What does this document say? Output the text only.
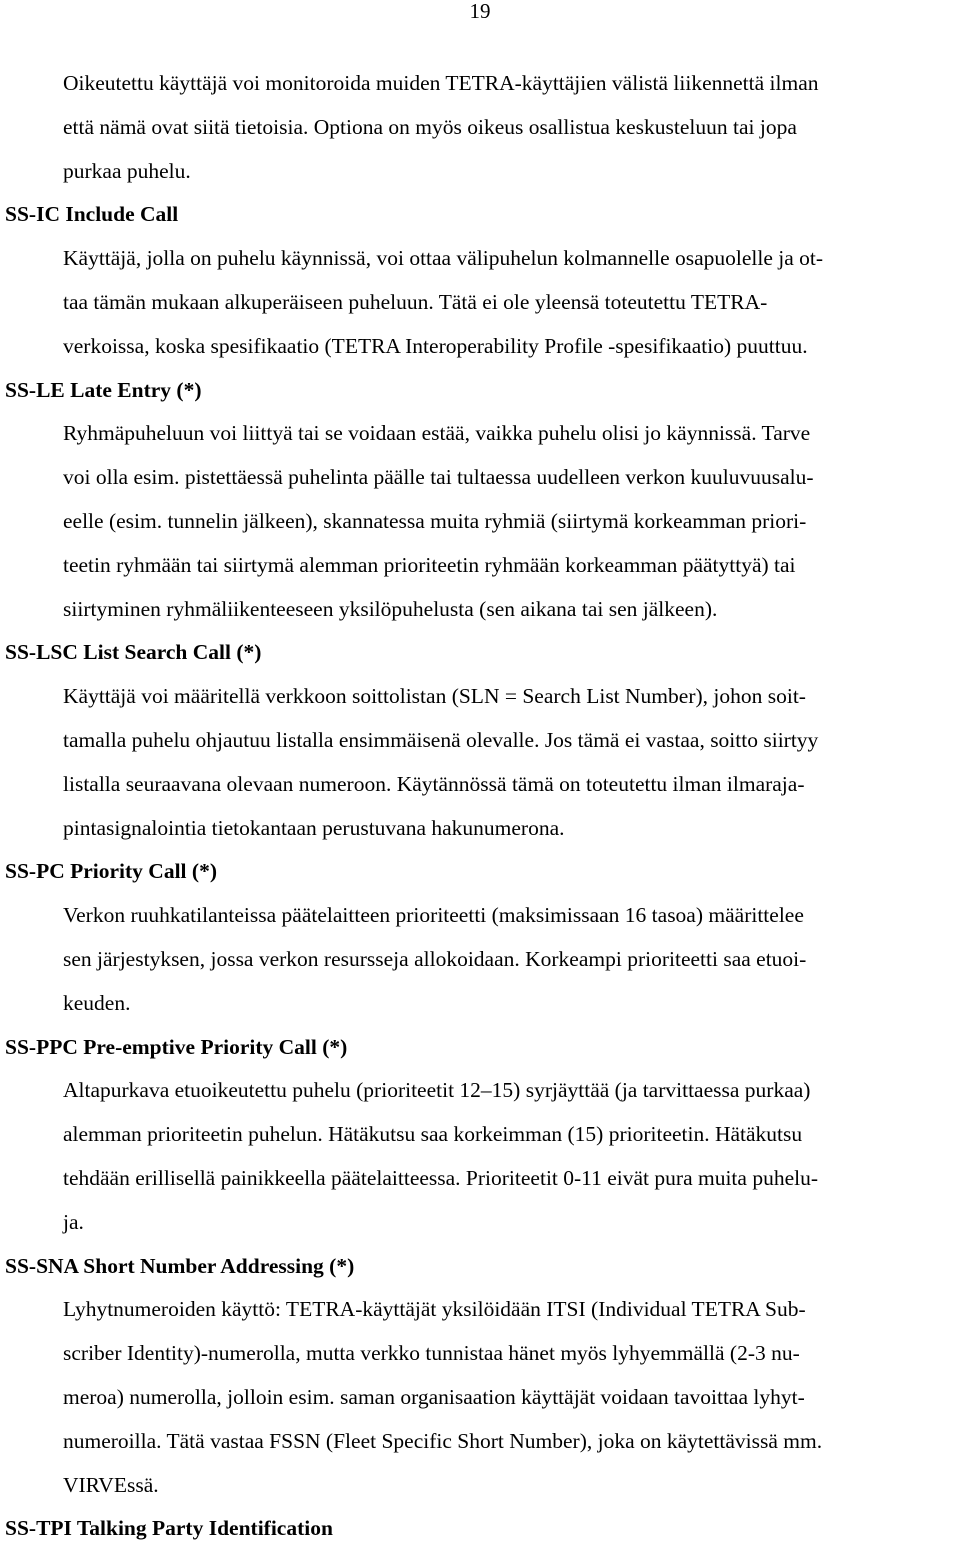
19
Oikeutettu käyttäjä voi monitoroida muiden TETRA-käyttäjien välistä liikennettä ilman
että nämä ovat siitä tietoisia. Optiona on myös oikeus osallistua keskusteluun tai jopa
purkaa puhelu.
SS-IC Include Call
Käyttäjä, jolla on puhelu käynnissä, voi ottaa välipuhelun kolmannelle osapuolelle ja ot-
taa tämän mukaan alkuperäiseen puheluun. Tätä ei ole yleensä toteutettu TETRA-
verkoissa, koska spesifikaatio (TETRA Interoperability Profile -spesifikaatio) puuttuu.
SS-LE Late Entry (*)
Ryhmäpuheluun voi liittyä tai se voidaan estää, vaikka puhelu olisi jo käynnissä. Tarve
voi olla esim. pistettäessä puhelinta päälle tai tultaessa uudelleen verkon kuuluvuusalu-
eelle (esim. tunnelin jälkeen), skannatessa muita ryhmiä (siirtymä korkeamman priori-
teetin ryhmään tai siirtymä alemman prioriteetin ryhmään korkeamman päätyttyä) tai
siirtyminen ryhmäliikenteeseen yksilöpuhelusta (sen aikana tai sen jälkeen).
SS-LSC List Search Call (*)
Käyttäjä voi määritellä verkkoon soittolistan (SLN = Search List Number), johon soit-
tamalla puhelu ohjautuu listalla ensimmäisenä olevalle. Jos tämä ei vastaa, soitto siirtyy
listalla seuraavana olevaan numeroon. Käytännössä tämä on toteutettu ilman ilmaraja-
pintasignalointia tietokantaan perustuvana hakunumerona.
SS-PC Priority Call (*)
Verkon ruuhkatilanteissa päätelaitteen prioriteetti (maksimissaan 16 tasoa) määrittelee
sen järjestyksen, jossa verkon resursseja allokoidaan. Korkeampi prioriteetti saa etuoi-
keuden.
SS-PPC Pre-emptive Priority Call (*)
Altapurkava etuoikeutettu puhelu (prioriteetit 12–15) syrjäyttää (ja tarvittaessa purkaa)
alemman prioriteetin puhelun. Hätäkutsu saa korkeimman (15) prioriteetin. Hätäkutsu
tehdään erillisellä painikkeella päätelaitteessa. Prioriteetit 0-11 eivät pura muita puhelu-
ja.
SS-SNA Short Number Addressing (*)
Lyhytnumeroiden käyttö: TETRA-käyttäjät yksilöidään ITSI (Individual TETRA Sub-
scriber Identity)-numerolla, mutta verkko tunnistaa hänet myös lyhyemmällä (2-3 nu-
meroa) numerolla, jolloin esim. saman organisaation käyttäjät voidaan tavoittaa lyhyt-
numeroilla. Tätä vastaa FSSN (Fleet Specific Short Number), joka on käytettävissä mm.
VIRVEssä.
SS-TPI Talking Party Identification
